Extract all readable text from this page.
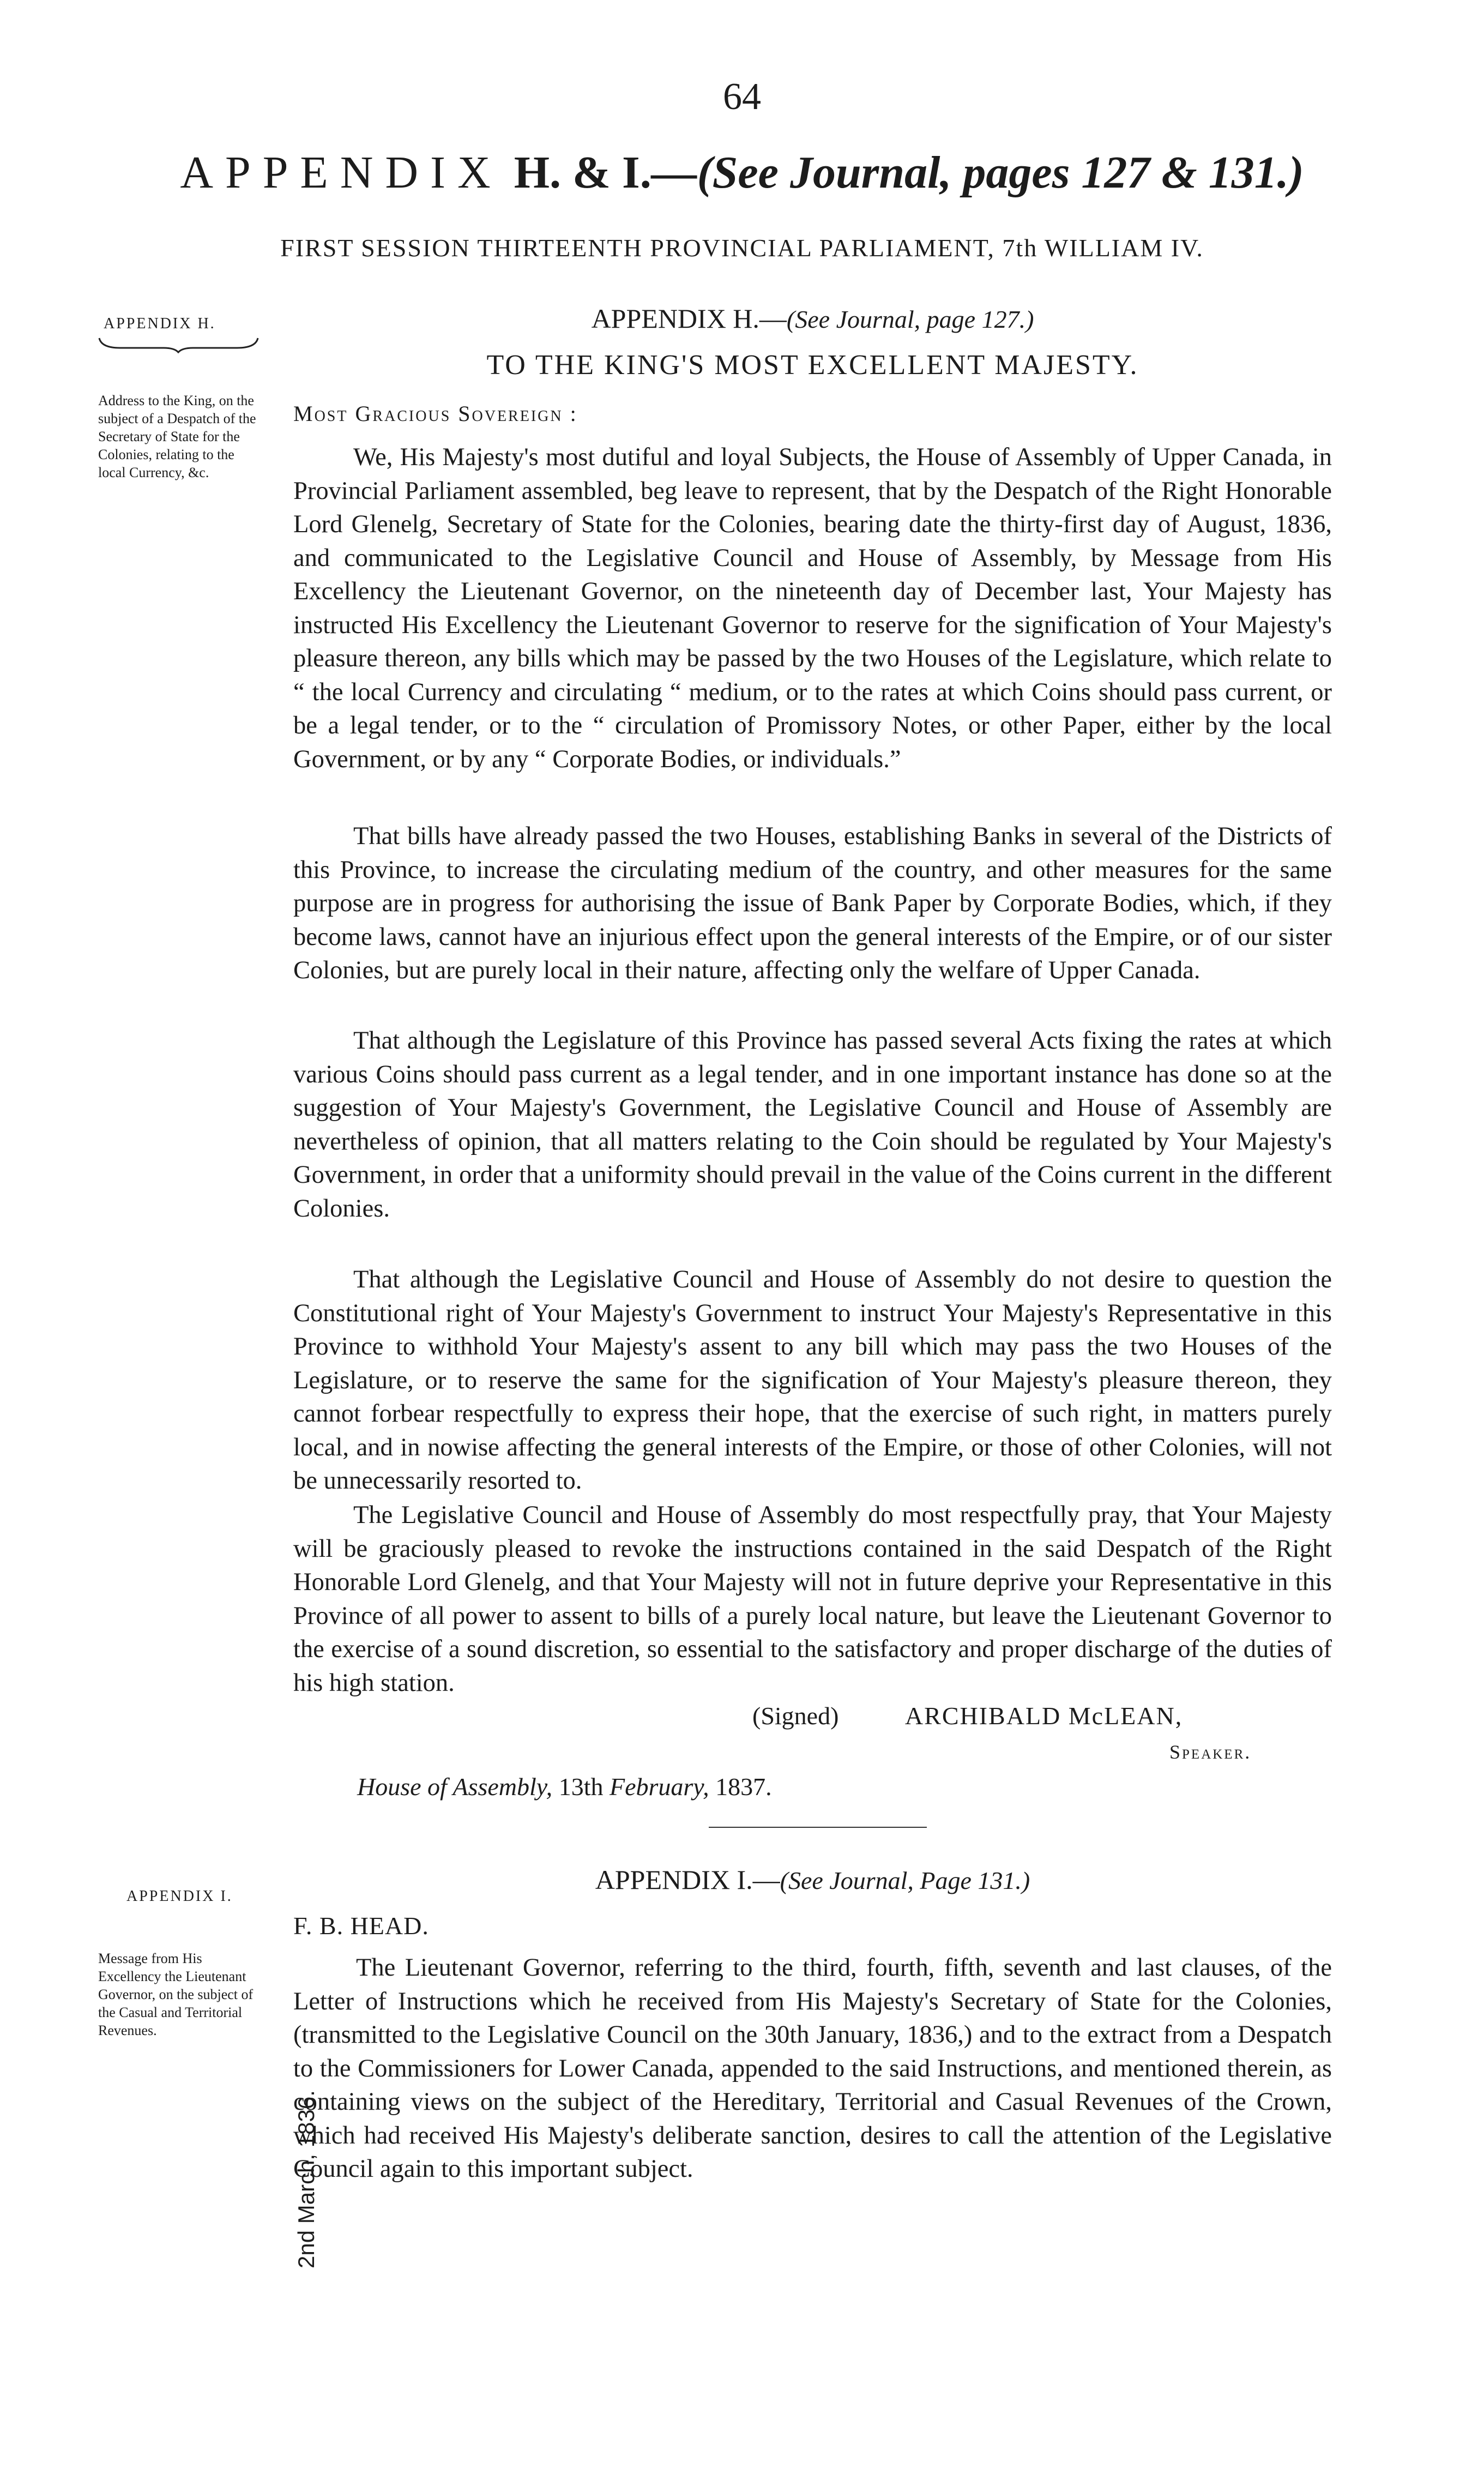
64
APPENDIX H. & I.—(See Journal, pages 127 & 131.)
FIRST SESSION THIRTEENTH PROVINCIAL PARLIAMENT, 7th WILLIAM IV.
APPENDIX H.
Address to the King, on the subject of a Despatch of the Secretary of State for the Colonies, relating to the local Currency, &c.
APPENDIX H.—(See Journal, page 127.)
TO THE KING'S MOST EXCELLENT MAJESTY.
Most Gracious Sovereign :

We, His Majesty's most dutiful and loyal Subjects, the House of Assembly of Upper Canada, in Provincial Parliament assembled, beg leave to represent, that by the Despatch of the Right Honorable Lord Glenelg, Secretary of State for the Colonies, bearing date the thirty-first day of August, 1836, and communicated to the Legislative Council and House of Assembly, by Message from His Excellency the Lieutenant Governor, on the nineteenth day of December last, Your Majesty has instructed His Excellency the Lieutenant Governor to reserve for the signification of Your Majesty's pleasure thereon, any bills which may be passed by the two Houses of the Legislature, which relate to “ the local Currency and circulating “ medium, or to the rates at which Coins should pass current, or be a legal tender, or to the “ circulation of Promissory Notes, or other Paper, either by the local Government, or by any “ Corporate Bodies, or individuals.”

That bills have already passed the two Houses, establishing Banks in several of the Districts of this Province, to increase the circulating medium of the country, and other measures for the same purpose are in progress for authorising the issue of Bank Paper by Corporate Bodies, which, if they become laws, cannot have an injurious effect upon the general interests of the Empire, or of our sister Colonies, but are purely local in their nature, affecting only the welfare of Upper Canada.

That although the Legislature of this Province has passed several Acts fixing the rates at which various Coins should pass current as a legal tender, and in one important instance has done so at the suggestion of Your Majesty's Government, the Legislative Council and House of Assembly are nevertheless of opinion, that all matters relating to the Coin should be regulated by Your Majesty's Government, in order that a uniformity should prevail in the value of the Coins current in the different Colonies.

That although the Legislative Council and House of Assembly do not desire to question the Constitutional right of Your Majesty's Government to instruct Your Majesty's Representative in this Province to withhold Your Majesty's assent to any bill which may pass the two Houses of the Legislature, or to reserve the same for the signification of Your Majesty's pleasure thereon, they cannot forbear respectfully to express their hope, that the exercise of such right, in matters purely local, and in nowise affecting the general interests of the Empire, or those of other Colonies, will not be unnecessarily resorted to.

The Legislative Council and House of Assembly do most respectfully pray, that Your Majesty will be graciously pleased to revoke the instructions contained in the said Despatch of the Right Honorable Lord Glenelg, and that Your Majesty will not in future deprive your Representative in this Province of all power to assent to bills of a purely local nature, but leave the Lieutenant Governor to the exercise of a sound discretion, so essential to the satisfactory and proper discharge of the duties of his high station.

(Signed)	ARCHIBALD McLEAN,
Speaker.
House of Assembly, 13th February, 1837.
APPENDIX I.
Message from His Excellency the Lieutenant Governor, on the subject of the Casual and Territorial Revenues.
APPENDIX I.—(See Journal, Page 131.)
F. B. HEAD.
2nd March, 1836.

The Lieutenant Governor, referring to the third, fourth, fifth, seventh and last clauses, of the Letter of Instructions which he received from His Majesty's Secretary of State for the Colonies, (transmitted to the Legislative Council on the 30th January, 1836,) and to the extract from a Despatch to the Commissioners for Lower Canada, appended to the said Instructions, and mentioned therein, as containing views on the subject of the Hereditary, Territorial and Casual Revenues of the Crown, which had received His Majesty's deliberate sanction, desires to call the attention of the Legislative Council again to this important subject.
